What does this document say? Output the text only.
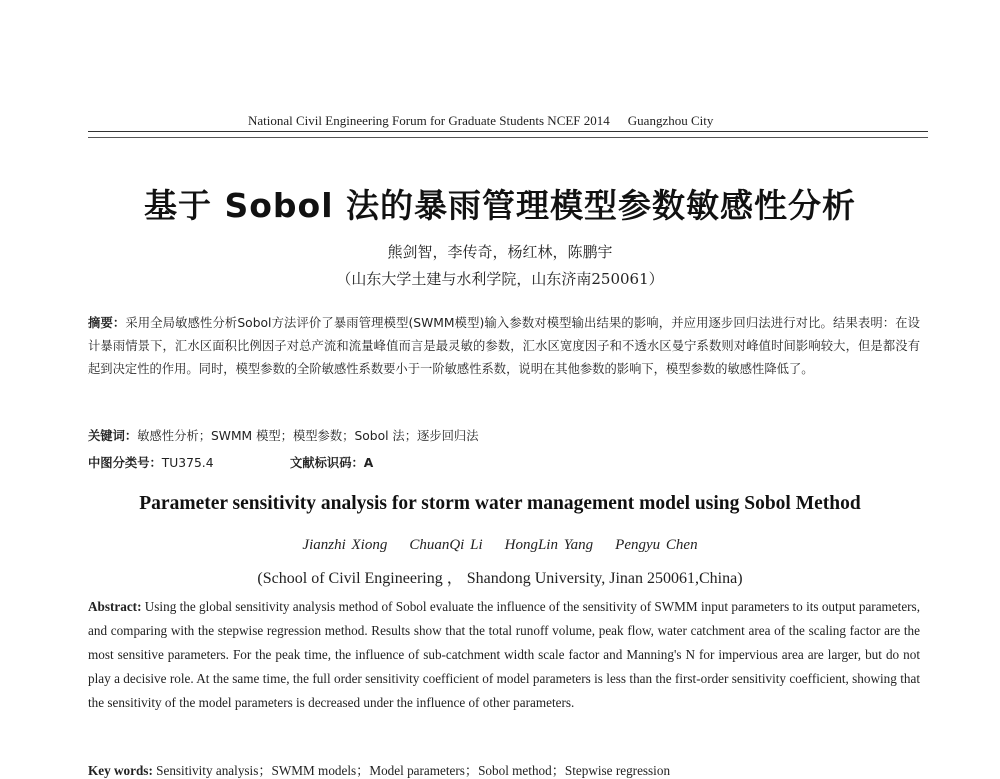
National Civil Engineering Forum for Graduate Students NCEF 2014 Guangzhou City
基于 Sobol 法的暴雨管理模型参数敏感性分析
熊剑智，李传奇，杨红林，陈鹏宇
（山东大学土建与水利学院，山东济南250061）

摘要：采用全局敏感性分析Sobol方法评价了暴雨管理模型(SWMM模型)输入参数对模型输出结果的影响，并应用逐步回归法进行对比。结果表明：在设计暴雨情景下，汇水区面积比例因子对总产流和流量峰值而言是最灵敏的参数，汇水区宽度因子和不透水区曼宁系数则对峰值时间影响较大，但是都没有起到决定性的作用。同时，模型参数的全阶敏感性系数要小于一阶敏感性系数，说明在其他参数的影响下，模型参数的敏感性降低了。

关键词：敏感性分析；SWMM 模型；模型参数；Sobol 法；逐步回归法
中图分类号：TU375.4	文献标识码：A
Parameter sensitivity analysis for storm water management model using Sobol Method
Jianzhi Xiong ChuanQi Li HongLin Yang Pengyu Chen
(School of Civil Engineering ， Shandong University, Jinan 250061,China)

Abstract: Using the global sensitivity analysis method of Sobol evaluate the influence of the sensitivity of SWMM input parameters to its output parameters, and comparing with the stepwise regression method. Results show that the total runoff volume, peak flow, water catchment area of the scaling factor are the most sensitive parameters. For the peak time, the influence of sub-catchment width scale factor and Manning's N for impervious area are larger, but do not play a decisive role. At the same time, the full order sensitivity coefficient of model parameters is less than the first-order sensitivity coefficient, showing that the sensitivity of the model parameters is decreased under the influence of other parameters.

Key words: Sensitivity analysis；SWMM models；Model parameters；Sobol method；Stepwise regression
